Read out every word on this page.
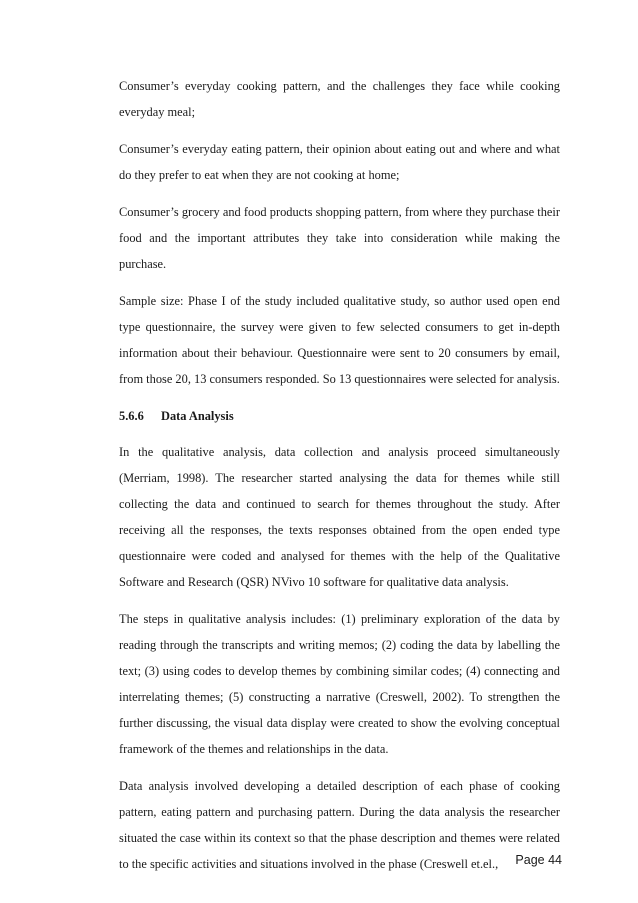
Consumer’s everyday cooking pattern, and the challenges they face while cooking everyday meal;

Consumer’s everyday eating pattern, their opinion about eating out and where and what do they prefer to eat when they are not cooking at home;

Consumer’s grocery and food products shopping pattern, from where they purchase their food and the important attributes they take into consideration while making the purchase.

Sample size: Phase I of the study included qualitative study, so author used open end type questionnaire, the survey were given to few selected consumers to get in-depth information about their behaviour. Questionnaire were sent to 20 consumers by email, from those 20, 13 consumers responded. So 13 questionnaires were selected for analysis.

5.6.6 Data Analysis

In the qualitative analysis, data collection and analysis proceed simultaneously (Merriam, 1998). The researcher started analysing the data for themes while still collecting the data and continued to search for themes throughout the study. After receiving all the responses, the texts responses obtained from the open ended type questionnaire were coded and analysed for themes with the help of the Qualitative Software and Research (QSR) NVivo 10 software for qualitative data analysis.

The steps in qualitative analysis includes: (1) preliminary exploration of the data by reading through the transcripts and writing memos; (2) coding the data by labelling the text; (3) using codes to develop themes by combining similar codes; (4) connecting and interrelating themes; (5) constructing a narrative (Creswell, 2002). To strengthen the further discussing, the visual data display were created to show the evolving conceptual framework of the themes and relationships in the data.

Data analysis involved developing a detailed description of each phase of cooking pattern, eating pattern and purchasing pattern. During the data analysis the researcher situated the case within its context so that the phase description and themes were related to the specific activities and situations involved in the phase (Creswell et.el.,	Page 44
